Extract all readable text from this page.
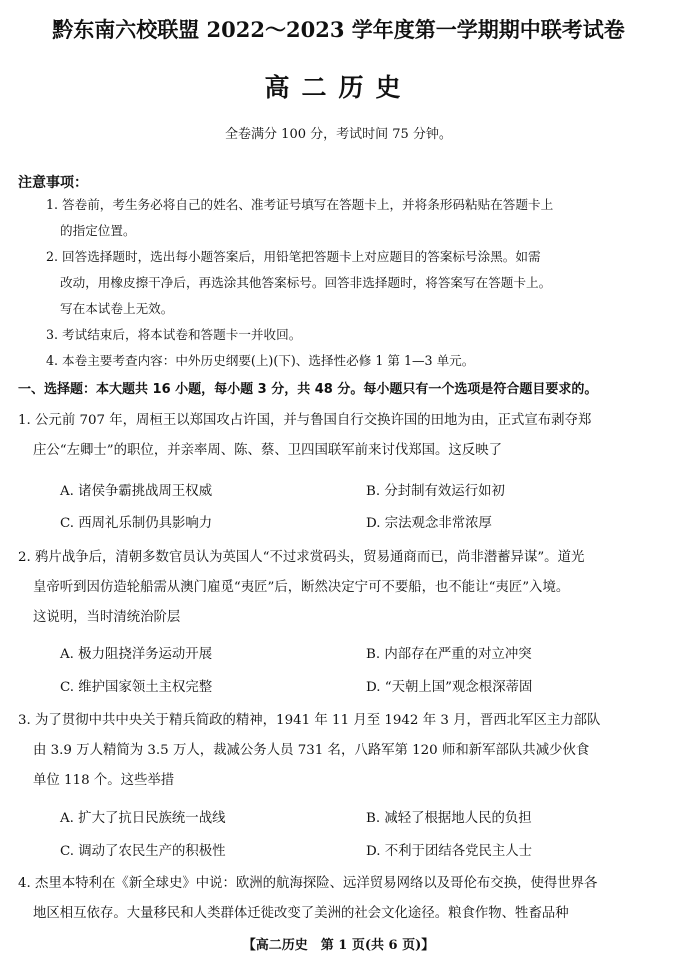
黔东南六校联盟 2022～2023 学年度第一学期期中联考试卷
高二历史
全卷满分 100 分，考试时间 75 分钟。
注意事项：
1. 答卷前，考生务必将自己的姓名、准考证号填写在答题卡上，并将条形码粘贴在答题卡上
的指定位置。
2. 回答选择题时，选出每小题答案后，用铅笔把答题卡上对应题目的答案标号涂黑。如需
改动，用橡皮擦干净后，再选涂其他答案标号。回答非选择题时，将答案写在答题卡上。
写在本试卷上无效。
3. 考试结束后，将本试卷和答题卡一并收回。
4. 本卷主要考查内容：中外历史纲要(上)(下)、选择性必修 1 第 1—3 单元。
一、选择题：本大题共 16 小题，每小题 3 分，共 48 分。每小题只有一个选项是符合题目要求的。
1. 公元前 707 年，周桓王以郑国攻占许国，并与鲁国自行交换许国的田地为由，正式宣布剥夺郑
庄公“左卿士”的职位，并亲率周、陈、蔡、卫四国联军前来讨伐郑国。这反映了
A. 诸侯争霸挑战周王权威	B. 分封制有效运行如初
C. 西周礼乐制仍具影响力	D. 宗法观念非常浓厚
2. 鸦片战争后，清朝多数官员认为英国人“不过求赏码头，贸易通商而已，尚非潜蓄异谋”。道光
皇帝听到因仿造轮船需从澳门雇觅“夷匠”后，断然决定宁可不要船，也不能让“夷匠”入境。
这说明，当时清统治阶层
A. 极力阻挠洋务运动开展	B. 内部存在严重的对立冲突
C. 维护国家领土主权完整	D. “天朝上国”观念根深蒂固
3. 为了贯彻中共中央关于精兵简政的精神，1941 年 11 月至 1942 年 3 月，晋西北军区主力部队
由 3.9 万人精简为 3.5 万人，裁减公务人员 731 名，八路军第 120 师和新军部队共减少伙食
单位 118 个。这些举措
A. 扩大了抗日民族统一战线	B. 减轻了根据地人民的负担
C. 调动了农民生产的积极性	D. 不利于团结各党民主人士
4. 杰里本特利在《新全球史》中说：欧洲的航海探险、远洋贸易网络以及哥伦布交换，使得世界各
地区相互依存。大量移民和人类群体迁徙改变了美洲的社会文化途径。粮食作物、牲畜品种
【高二历史　第 1 页(共 6 页)】
